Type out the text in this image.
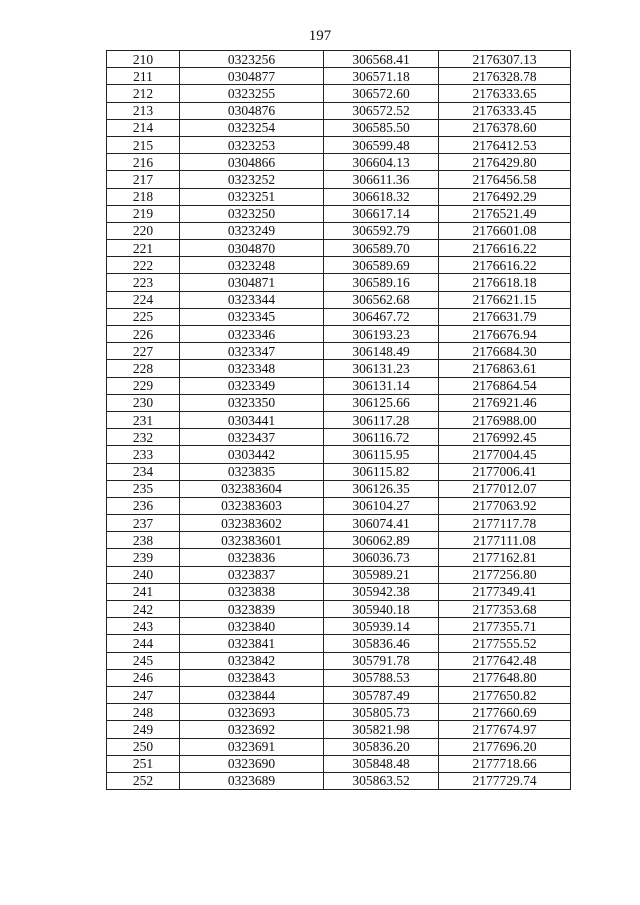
197
210	0323256	306568.41	2176307.13
211	0304877	306571.18	2176328.78
212	0323255	306572.60	2176333.65
213	0304876	306572.52	2176333.45
214	0323254	306585.50	2176378.60
215	0323253	306599.48	2176412.53
216	0304866	306604.13	2176429.80
217	0323252	306611.36	2176456.58
218	0323251	306618.32	2176492.29
219	0323250	306617.14	2176521.49
220	0323249	306592.79	2176601.08
221	0304870	306589.70	2176616.22
222	0323248	306589.69	2176616.22
223	0304871	306589.16	2176618.18
224	0323344	306562.68	2176621.15
225	0323345	306467.72	2176631.79
226	0323346	306193.23	2176676.94
227	0323347	306148.49	2176684.30
228	0323348	306131.23	2176863.61
229	0323349	306131.14	2176864.54
230	0323350	306125.66	2176921.46
231	0303441	306117.28	2176988.00
232	0323437	306116.72	2176992.45
233	0303442	306115.95	2177004.45
234	0323835	306115.82	2177006.41
235	032383604	306126.35	2177012.07
236	032383603	306104.27	2177063.92
237	032383602	306074.41	2177117.78
238	032383601	306062.89	2177111.08
239	0323836	306036.73	2177162.81
240	0323837	305989.21	2177256.80
241	0323838	305942.38	2177349.41
242	0323839	305940.18	2177353.68
243	0323840	305939.14	2177355.71
244	0323841	305836.46	2177555.52
245	0323842	305791.78	2177642.48
246	0323843	305788.53	2177648.80
247	0323844	305787.49	2177650.82
248	0323693	305805.73	2177660.69
249	0323692	305821.98	2177674.97
250	0323691	305836.20	2177696.20
251	0323690	305848.48	2177718.66
252	0323689	305863.52	2177729.74
